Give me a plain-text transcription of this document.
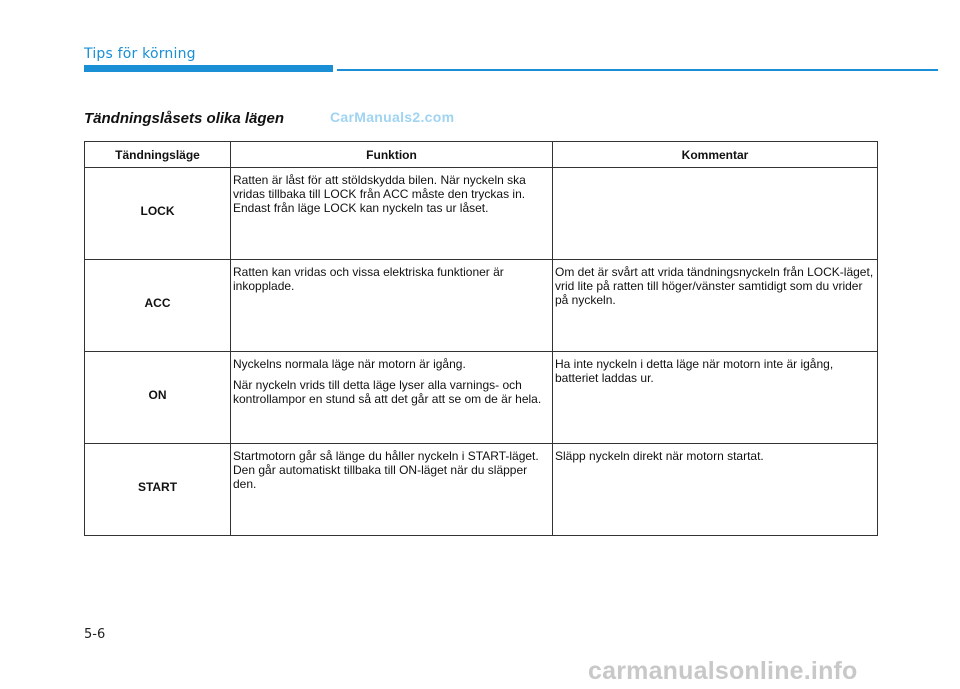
Tips för körning
Tändningslåsets olika lägen	CarManuals2.com
Tändningsläge	Funktion	Kommentar
LOCK	Ratten är låst för att stöldskydda bilen. När nyckeln ska vridas tillbaka till LOCK från ACC måste den tryckas in. Endast från läge LOCK kan nyckeln tas ur låset.	

ACC	Ratten kan vridas och vissa elektriska funktioner är inkopplade.	Om det är svårt att vrida tändningsnyckeln från LOCK-läget, vrid lite på ratten till höger/vänster samtidigt som du vrider på nyckeln.
ON	Nyckelns normala läge när motorn är igång.

När nyckeln vrids till detta läge lyser alla varnings- och kontrollampor en stund så att det går att se om de är hela.	Ha inte nyckeln i detta läge när motorn inte är igång, batteriet laddas ur.
START	Startmotorn går så länge du håller nyckeln i START-läget. Den går automatiskt tillbaka till ON-läget när du släpper den.	Släpp nyckeln direkt när motorn startat.
5-6
carmanualsonline.info
